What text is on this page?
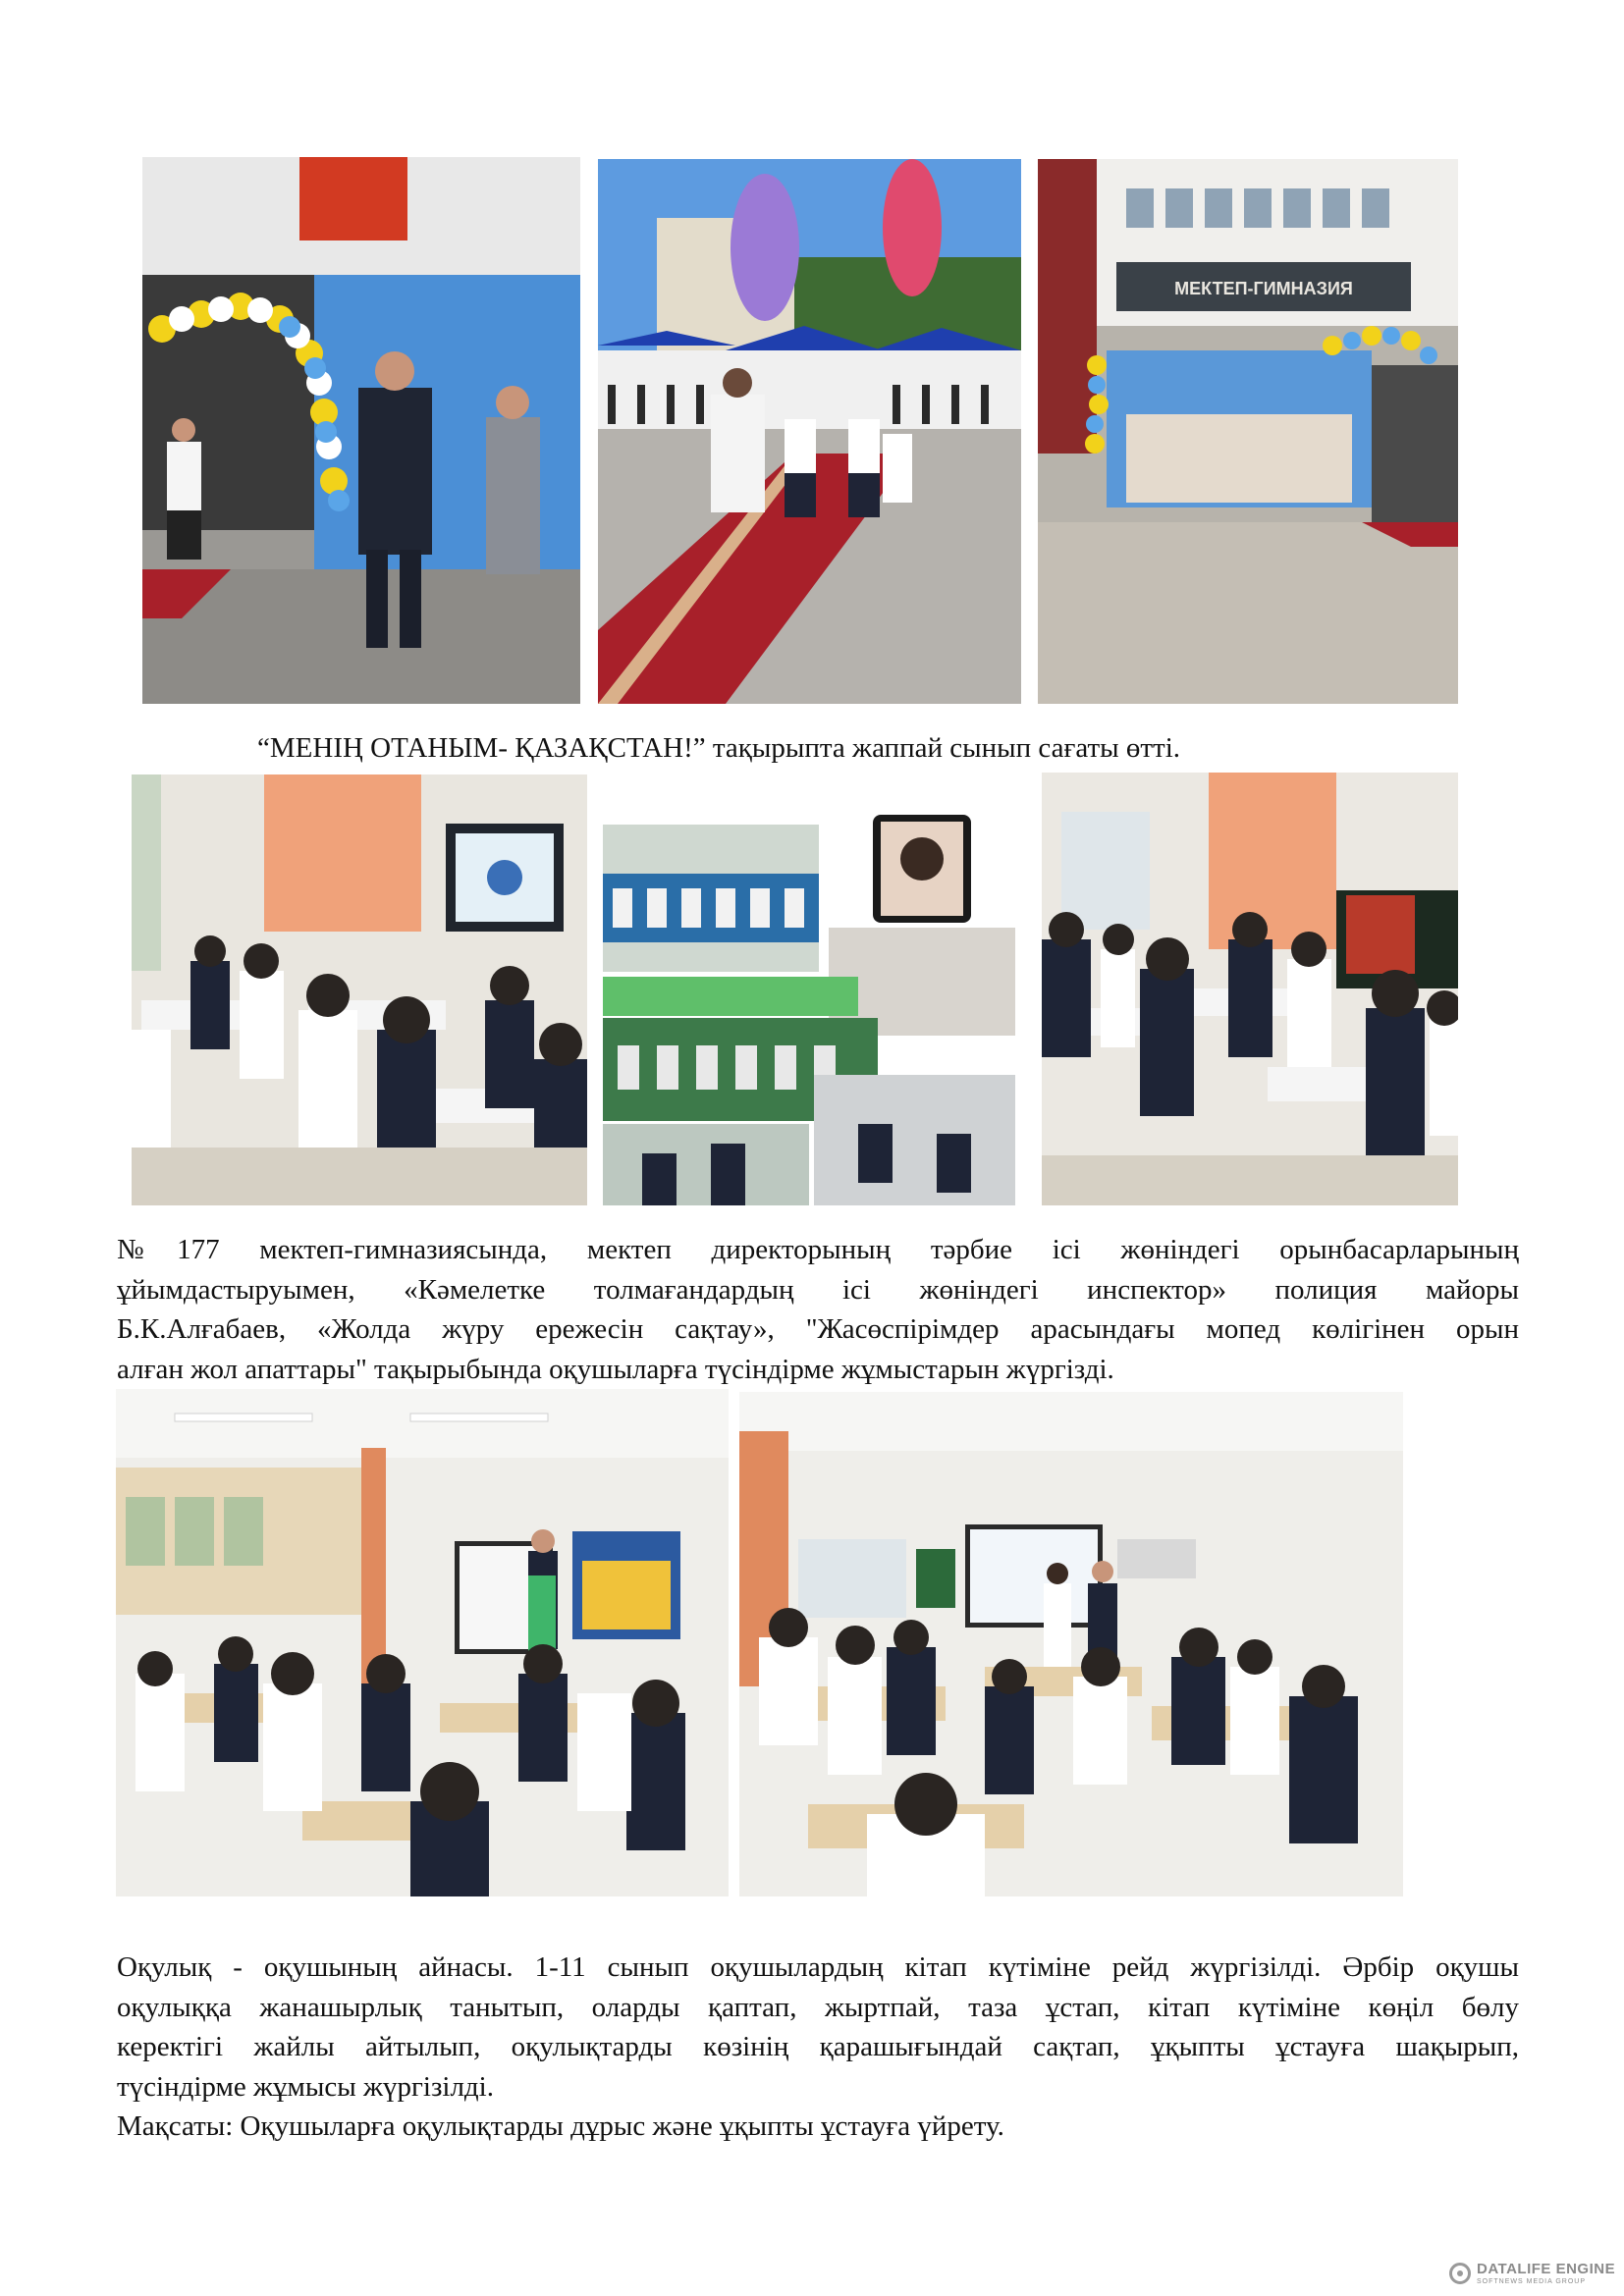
МЕКТЕП-ГИМНАЗИЯ

“МЕНІҢ ОТАНЫМ- ҚАЗАҚСТАН!” тақырыпта жаппай сынып сағаты өтті.

№177 мектеп-гимназиясында, мектеп директорының тәрбие ісі жөніндегі орынбасарларының
ұйымдастыруымен, «Кәмелетке толмағандардың ісі жөніндегі инспектор» полиция майоры
Б.К.Алғабаев, «Жолда жүру ережесін сақтау», "Жасөспірімдер арасындағы мопед көлігінен орын
алған жол апаттары" тақырыбында оқушыларға түсіндірме жұмыстарын жүргізді.

Оқулық - оқушының айнасы. 1-11 сынып оқушылардың кітап күтіміне рейд жүргізілді. Әрбір оқушы
оқулыққа жанашырлық танытып, оларды қаптап, жыртпай, таза ұстап, кітап күтіміне көңіл бөлу
керектігі жайлы айтылып, оқулықтарды көзінің қарашығындай сақтап, ұқыпты ұстауға шақырып,
түсіндірме жұмысы жүргізілді.
Мақсаты: Оқушыларға оқулықтарды дұрыс және ұқыпты ұстауға үйрету.

DATALIFE ENGINE
SOFTNEWS MEDIA GROUP
